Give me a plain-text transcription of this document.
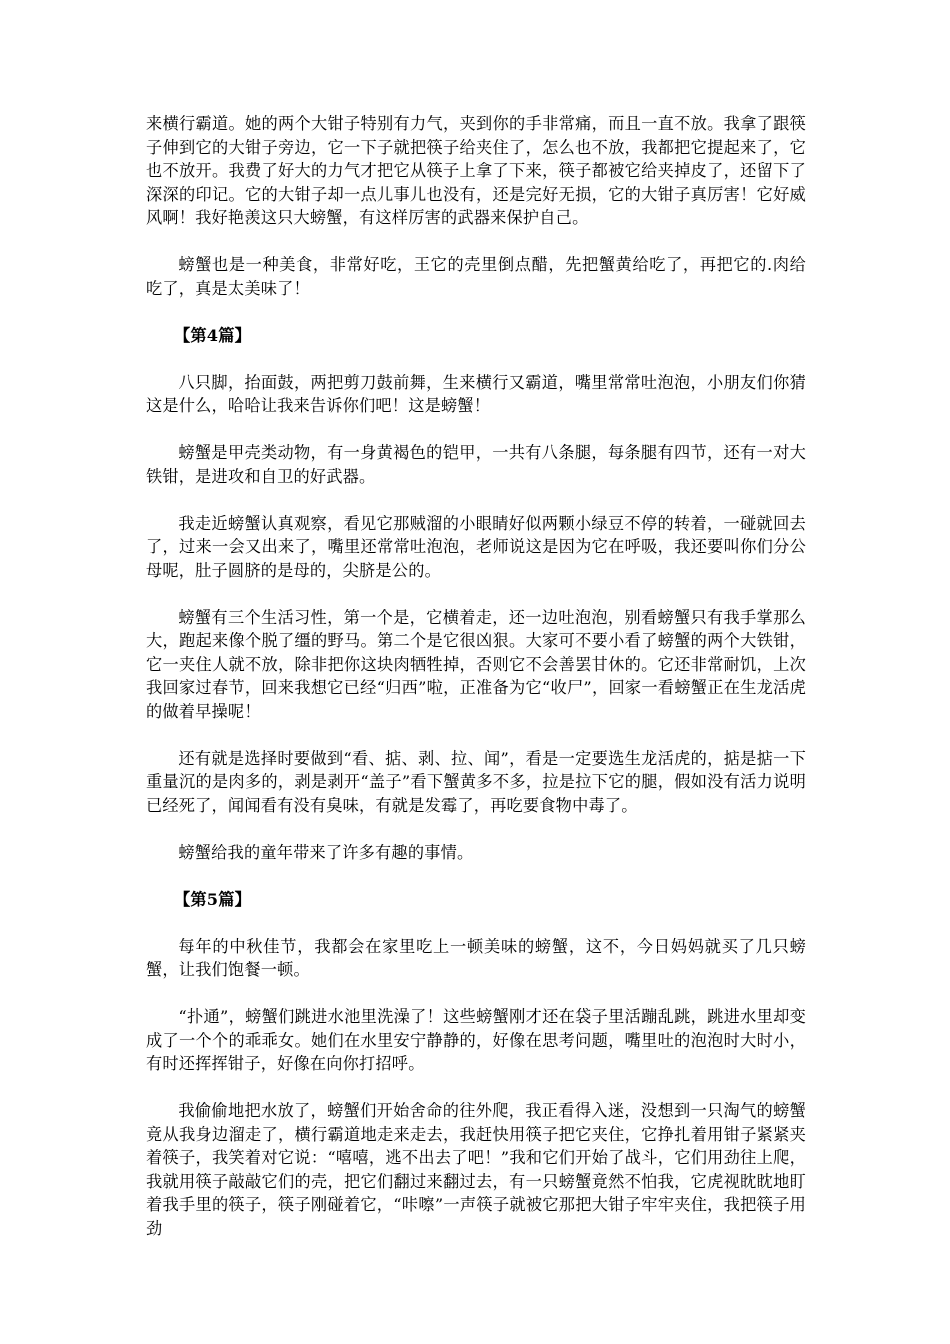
来横行霸道。她的两个大钳子特别有力气，夹到你的手非常痛，而且一直不放。我拿了跟筷子伸到它的大钳子旁边，它一下子就把筷子给夹住了，怎么也不放，我都把它提起来了，它也不放开。我费了好大的力气才把它从筷子上拿了下来，筷子都被它给夹掉皮了，还留下了深深的印记。它的大钳子却一点儿事儿也没有，还是完好无损，它的大钳子真厉害！它好威风啊！我好艳羡这只大螃蟹，有这样厉害的武器来保护自己。

螃蟹也是一种美食，非常好吃，王它的壳里倒点醋，先把蟹黄给吃了，再把它的.肉给吃了，真是太美味了！

【第4篇】

八只脚，抬面鼓，两把剪刀鼓前舞，生来横行又霸道，嘴里常常吐泡泡，小朋友们你猜这是什么，哈哈让我来告诉你们吧！这是螃蟹！

螃蟹是甲壳类动物，有一身黄褐色的铠甲，一共有八条腿，每条腿有四节，还有一对大铁钳，是进攻和自卫的好武器。

我走近螃蟹认真观察，看见它那贼溜的小眼睛好似两颗小绿豆不停的转着，一碰就回去了，过来一会又出来了，嘴里还常常吐泡泡，老师说这是因为它在呼吸，我还要叫你们分公母呢，肚子圆脐的是母的，尖脐是公的。

螃蟹有三个生活习性，第一个是，它横着走，还一边吐泡泡，别看螃蟹只有我手掌那么大，跑起来像个脱了缰的野马。第二个是它很凶狠。大家可不要小看了螃蟹的两个大铁钳，它一夹住人就不放，除非把你这块肉牺牲掉，否则它不会善罢甘休的。它还非常耐饥，上次我回家过春节，回来我想它已经“归西”啦，正准备为它“收尸”，回家一看螃蟹正在生龙活虎的做着早操呢！

还有就是选择时要做到“看、掂、剥、拉、闻”，看是一定要选生龙活虎的，掂是掂一下重量沉的是肉多的，剥是剥开“盖子”看下蟹黄多不多，拉是拉下它的腿，假如没有活力说明已经死了，闻闻看有没有臭味，有就是发霉了，再吃要食物中毒了。

螃蟹给我的童年带来了许多有趣的事情。

【第5篇】

每年的中秋佳节，我都会在家里吃上一顿美味的螃蟹，这不，今日妈妈就买了几只螃蟹，让我们饱餐一顿。

“扑通”，螃蟹们跳进水池里洗澡了！这些螃蟹刚才还在袋子里活蹦乱跳，跳进水里却变成了一个个的乖乖女。她们在水里安宁静静的，好像在思考问题，嘴里吐的泡泡时大时小，有时还挥挥钳子，好像在向你打招呼。

我偷偷地把水放了，螃蟹们开始舍命的往外爬，我正看得入迷，没想到一只淘气的螃蟹竟从我身边溜走了，横行霸道地走来走去，我赶快用筷子把它夹住，它挣扎着用钳子紧紧夹着筷子，我笑着对它说：“嘻嘻，逃不出去了吧！”我和它们开始了战斗，它们用劲往上爬，我就用筷子敲敲它们的壳，把它们翻过来翻过去，有一只螃蟹竟然不怕我，它虎视眈眈地盯着我手里的筷子，筷子刚碰着它，“咔嚓”一声筷子就被它那把大钳子牢牢夹住，我把筷子用劲
